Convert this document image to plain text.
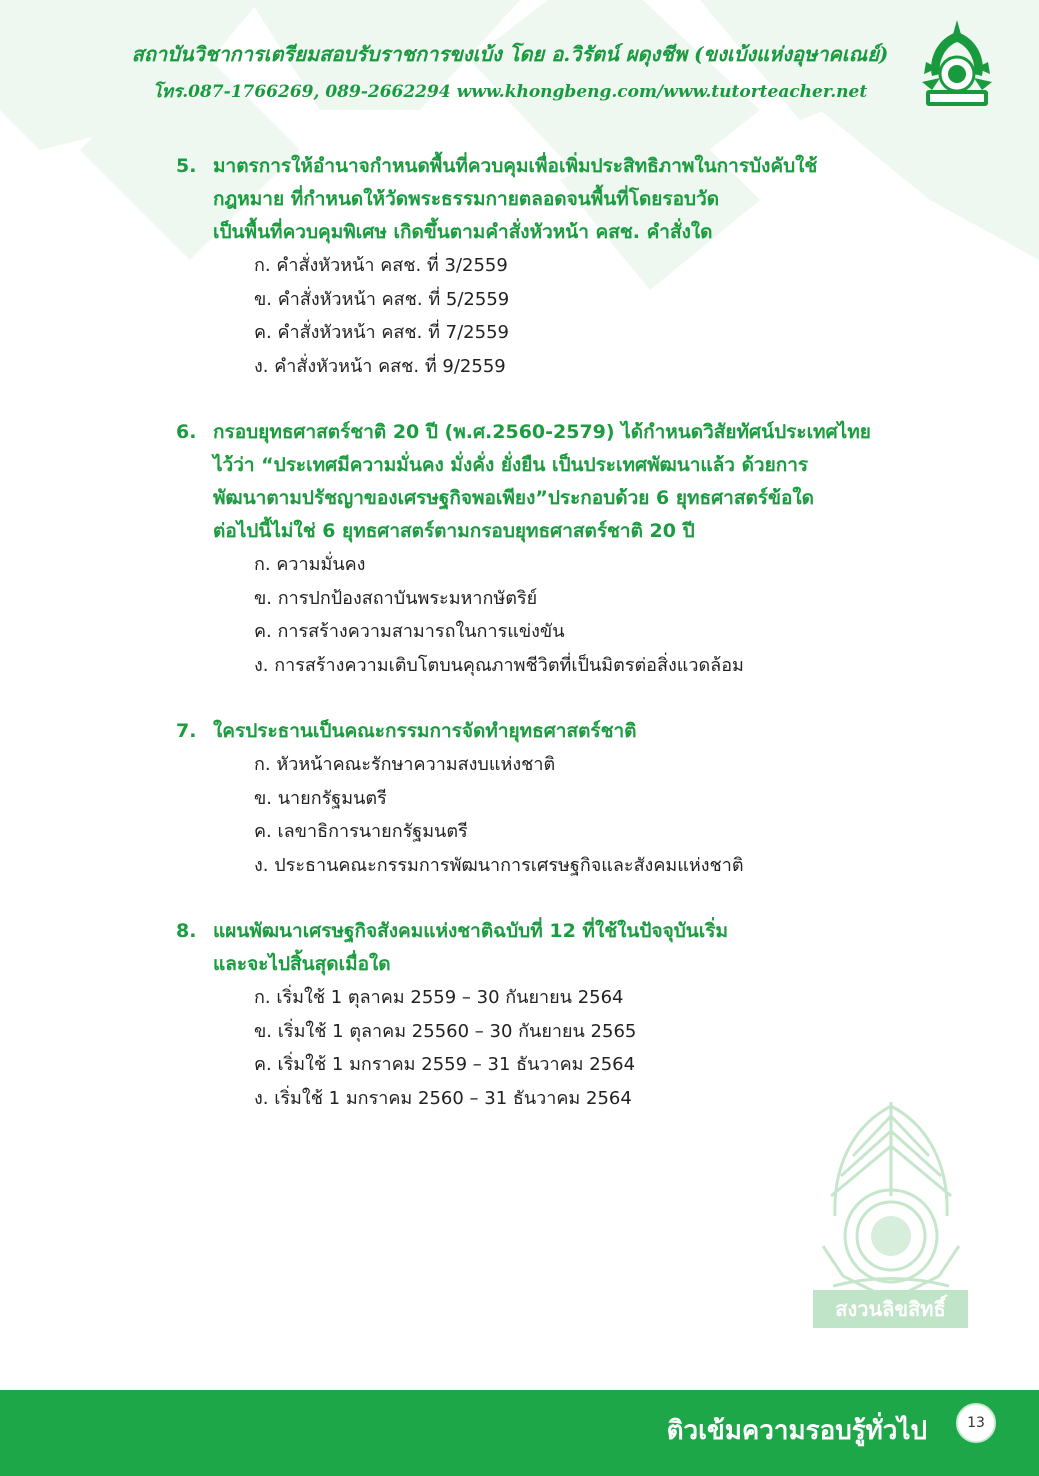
สถาบันวิชาการเตรียมสอบรับราชการขงเบ้ง โดย อ.วิรัตน์ ผดุงชีพ (ขงเบ้งแห่งอุษาคเณย์)
โทร.087-1766269, 089-2662294 www.khongbeng.com/www.tutorteacher.net
5. มาตรการให้อำนาจกำหนดพื้นที่ควบคุมเพื่อเพิ่มประสิทธิภาพในการบังคับใช้
กฎหมาย ที่กำหนดให้วัดพระธรรมกายตลอดจนพื้นที่โดยรอบวัด
เป็นพื้นที่ควบคุมพิเศษ เกิดขึ้นตามคำสั่งหัวหน้า คสช. คำสั่งใด
ก. คำสั่งหัวหน้า คสช. ที่ 3/2559
ข. คำสั่งหัวหน้า คสช. ที่ 5/2559
ค. คำสั่งหัวหน้า คสช. ที่ 7/2559
ง. คำสั่งหัวหน้า คสช. ที่ 9/2559
6. กรอบยุทธศาสตร์ชาติ 20 ปี (พ.ศ.2560-2579) ได้กำหนดวิสัยทัศน์ประเทศไทย
ไว้ว่า “ประเทศมีความมั่นคง มั่งคั่ง ยั่งยืน เป็นประเทศพัฒนาแล้ว ด้วยการ
พัฒนาตามปรัชญาของเศรษฐกิจพอเพียง”ประกอบด้วย 6 ยุทธศาสตร์ข้อใด
ต่อไปนี้ไม่ใช่ 6 ยุทธศาสตร์ตามกรอบยุทธศาสตร์ชาติ 20 ปี
ก. ความมั่นคง
ข. การปกป้องสถาบันพระมหากษัตริย์
ค. การสร้างความสามารถในการแข่งขัน
ง. การสร้างความเติบโตบนคุณภาพชีวิตที่เป็นมิตรต่อสิ่งแวดล้อม
7. ใครประธานเป็นคณะกรรมการจัดทำยุทธศาสตร์ชาติ
ก. หัวหน้าคณะรักษาความสงบแห่งชาติ
ข. นายกรัฐมนตรี
ค. เลขาธิการนายกรัฐมนตรี
ง. ประธานคณะกรรมการพัฒนาการเศรษฐกิจและสังคมแห่งชาติ
8. แผนพัฒนาเศรษฐกิจสังคมแห่งชาติฉบับที่ 12 ที่ใช้ในปัจจุบันเริ่ม
และจะไปสิ้นสุดเมื่อใด
ก. เริ่มใช้ 1 ตุลาคม 2559 – 30 กันยายน 2564
ข. เริ่มใช้ 1 ตุลาคม 25560 – 30 กันยายน 2565
ค. เริ่มใช้ 1 มกราคม 2559 – 31 ธันวาคม 2564
ง. เริ่มใช้ 1 มกราคม 2560 – 31 ธันวาคม 2564
สงวนลิขสิทธิ์
ติวเข้มความรอบรู้ทั่วไป	13
